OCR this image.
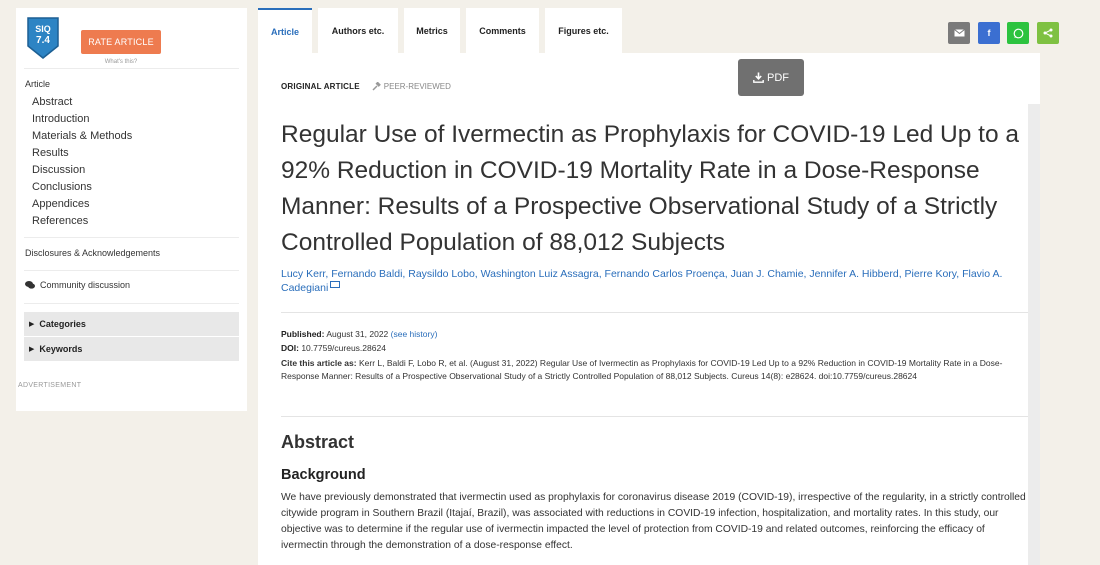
SIQ
7.4	RATE ARTICLE
What's this?
Article
Abstract
Introduction
Materials & Methods
Results
Discussion
Conclusions
Appendices
References
Disclosures & Acknowledgements
Community discussion
▶ Categories
▶ Keywords
ADVERTISEMENT
Article	Authors etc.	Metrics	Comments	Figures etc.	f
ORIGINAL ARTICLE	PEER-REVIEWED
Regular Use of Ivermectin as Prophylaxis for COVID-19 Led Up to a 92% Reduction in COVID-19 Mortality Rate in a Dose-Response Manner: Results of a Prospective Observational Study of a Strictly Controlled Population of 88,012 Subjects
Lucy Kerr, Fernando Baldi, Raysildo Lobo, Washington Luiz Assagra, Fernando Carlos Proença, Juan J. Chamie, Jennifer A. Hibberd, Pierre Kory, Flavio A. Cadegiani
Published: August 31, 2022 (see history)
DOI: 10.7759/cureus.28624
Cite this article as: Kerr L, Baldi F, Lobo R, et al. (August 31, 2022) Regular Use of Ivermectin as Prophylaxis for COVID-19 Led Up to a 92% Reduction in COVID-19 Mortality Rate in a Dose-Response Manner: Results of a Prospective Observational Study of a Strictly Controlled Population of 88,012 Subjects. Cureus 14(8): e28624. doi:10.7759/cureus.28624
Abstract
Background

We have previously demonstrated that ivermectin used as prophylaxis for coronavirus disease 2019 (COVID-19), irrespective of the regularity, in a strictly controlled citywide program in Southern Brazil (Itajaí, Brazil), was associated with reductions in COVID-19 infection, hospitalization, and mortality rates. In this study, our objective was to determine if the regular use of ivermectin impacted the level of protection from COVID-19 and related outcomes, reinforcing the efficacy of ivermectin through the demonstration of a dose-response effect.

PDF
